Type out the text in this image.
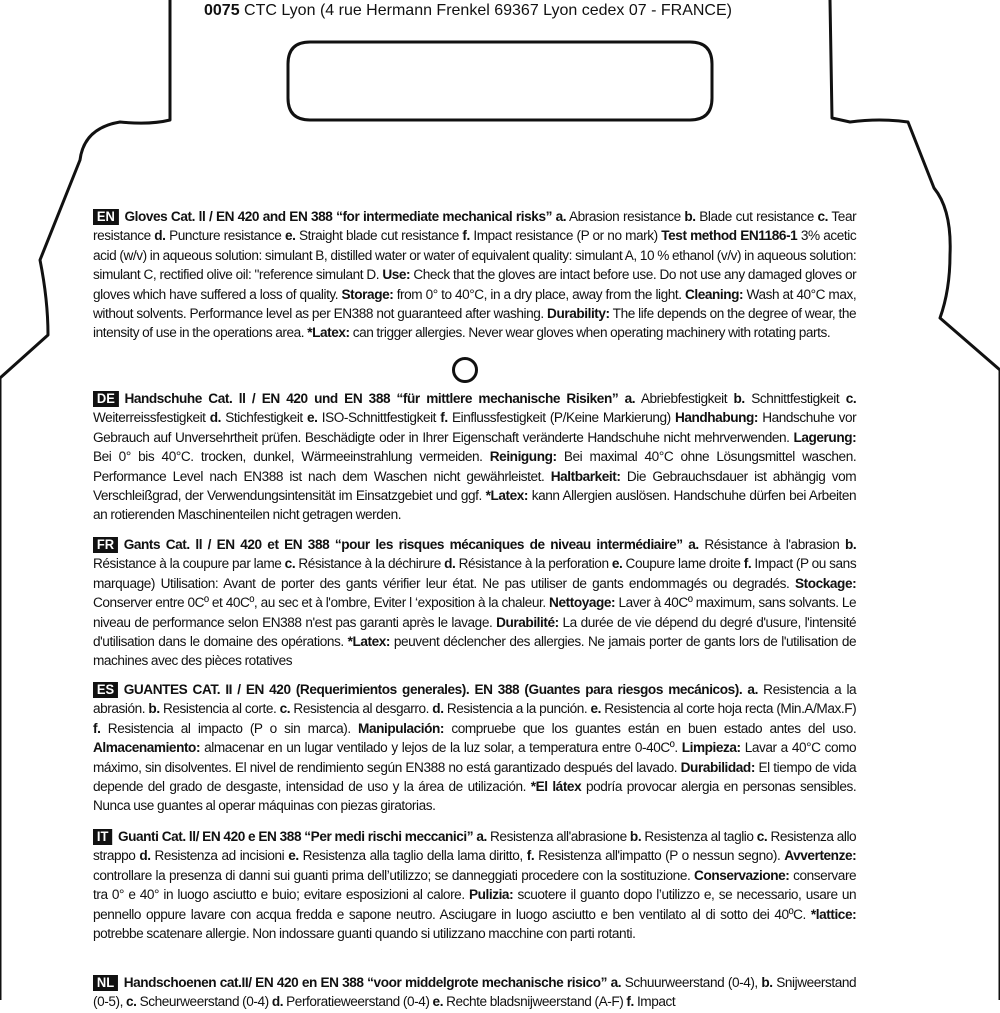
0075 CTC Lyon (4 rue Hermann Frenkel 69367 Lyon cedex 07 - FRANCE)
EN Gloves Cat. ll / EN 420 and EN 388 “for intermediate mechanical risks” a. Abrasion resistance b. Blade cut resistance c. Tear resistance d. Puncture resistance e. Straight blade cut resistance f. Impact resistance (P or no mark) Test method EN1186-1 3% acetic acid (w/v) in aqueous solution: simulant B, distilled water or water of equivalent quality: simulant A, 10 % ethanol (v/v) in aqueous solution: simulant C, rectified olive oil: "reference simulant D. Use: Check that the gloves are intact before use. Do not use any damaged gloves or gloves which have suffered a loss of quality. Storage: from 0° to 40°C, in a dry place, away from the light. Cleaning: Wash at 40°C max, without solvents. Performance level as per EN388 not guaranteed after washing. Durability: The life depends on the degree of wear, the intensity of use in the operations area. *Latex: can trigger allergies. Never wear gloves when operating machinery with rotating parts.
DE Handschuhe Cat. ll / EN 420 und EN 388 “für mittlere mechanische Risiken” a. Abriebfestigkeit b. Schnittfestigkeit c. Weiterreissfestigkeit d. Stichfestigkeit e. ISO-Schnittfestigkeit f. Einflussfestigkeit (P/Keine Markierung) Handhabung: Handschuhe vor Gebrauch auf Unversehrtheit prüfen. Beschädigte oder in Ihrer Eigenschaft veränderte Handschuhe nicht mehrverwenden. Lagerung: Bei 0° bis 40°C. trocken, dunkel, Wärmeeinstrahlung vermeiden. Reinigung: Bei maximal 40°C ohne Lösungsmittel waschen. Performance Level nach EN388 ist nach dem Waschen nicht gewährleistet. Haltbarkeit: Die Gebrauchsdauer ist abhängig vom Verschleißgrad, der Verwendungsintensität im Einsatzgebiet und ggf. *Latex: kann Allergien auslösen. Handschuhe dürfen bei Arbeiten an rotierenden Maschinenteilen nicht getragen werden.
FR Gants Cat. ll / EN 420 et EN 388 “pour les risques mécaniques de niveau intermédiaire” a. Résistance à l'abrasion b. Résistance à la coupure par lame c. Résistance à la déchirure d. Résistance à la perforation e. Coupure lame droite f. Impact (P ou sans marquage) Utilisation: Avant de porter des gants vérifier leur état. Ne pas utiliser de gants endommagés ou degradés. Stockage: Conserver entre 0Cº et 40Cº, au sec et à l'ombre, Eviter l ‘exposition à la chaleur. Nettoyage: Laver à 40Cº maximum, sans solvants. Le niveau de performance selon EN388 n'est pas garanti après le lavage. Durabilité: La durée de vie dépend du degré d'usure, l'intensité d'utilisation dans le domaine des opérations. *Latex: peuvent déclencher des allergies. Ne jamais porter de gants lors de l'utilisation de machines avec des pièces rotatives
ES GUANTES CAT. II / EN 420 (Requerimientos generales). EN 388 (Guantes para riesgos mecánicos). a. Resistencia a la abrasión. b. Resistencia al corte. c. Resistencia al desgarro. d. Resistencia a la punción. e. Resistencia al corte hoja recta (Min.A/Max.F) f. Resistencia al impacto (P o sin marca). Manipulación: compruebe que los guantes están en buen estado antes del uso. Almacenamiento: almacenar en un lugar ventilado y lejos de la luz solar, a temperatura entre 0-40Cº. Limpieza: Lavar a 40°C como máximo, sin disolventes. El nivel de rendimiento según EN388 no está garantizado después del lavado. Durabilidad: El tiempo de vida depende del grado de desgaste, intensidad de uso y la área de utilización. *El látex podría provocar alergia en personas sensibles. Nunca use guantes al operar máquinas con piezas giratorias.
IT Guanti Cat. ll/ EN 420 e EN 388 “Per medi rischi meccanici” a. Resistenza all'abrasione b. Resistenza al taglio c. Resistenza allo strappo d. Resistenza ad incisioni e. Resistenza alla taglio della lama diritto, f. Resistenza all'impatto (P o nessun segno). Avvertenze: controllare la presenza di danni sui guanti prima dell’utilizzo; se danneggiati procedere con la sostituzione. Conservazione: conservare tra 0° e 40° in luogo asciutto e buio; evitare esposizioni al calore. Pulizia: scuotere il guanto dopo l’utilizzo e, se necessario, usare un pennello oppure lavare con acqua fredda e sapone neutro. Asciugare in luogo asciutto e ben ventilato al di sotto dei 40ºC. *lattice: potrebbe scatenare allergie. Non indossare guanti quando si utilizzano macchine con parti rotanti.
NL Handschoenen cat.II/ EN 420 en EN 388 “voor middelgrote mechanische risico” a. Schuurweerstand (0-4), b. Snijweerstand (0-5), c. Scheurweerstand (0-4) d. Perforatieweerstand (0-4) e. Rechte bladsnijweerstand (A-F) f. Impact
